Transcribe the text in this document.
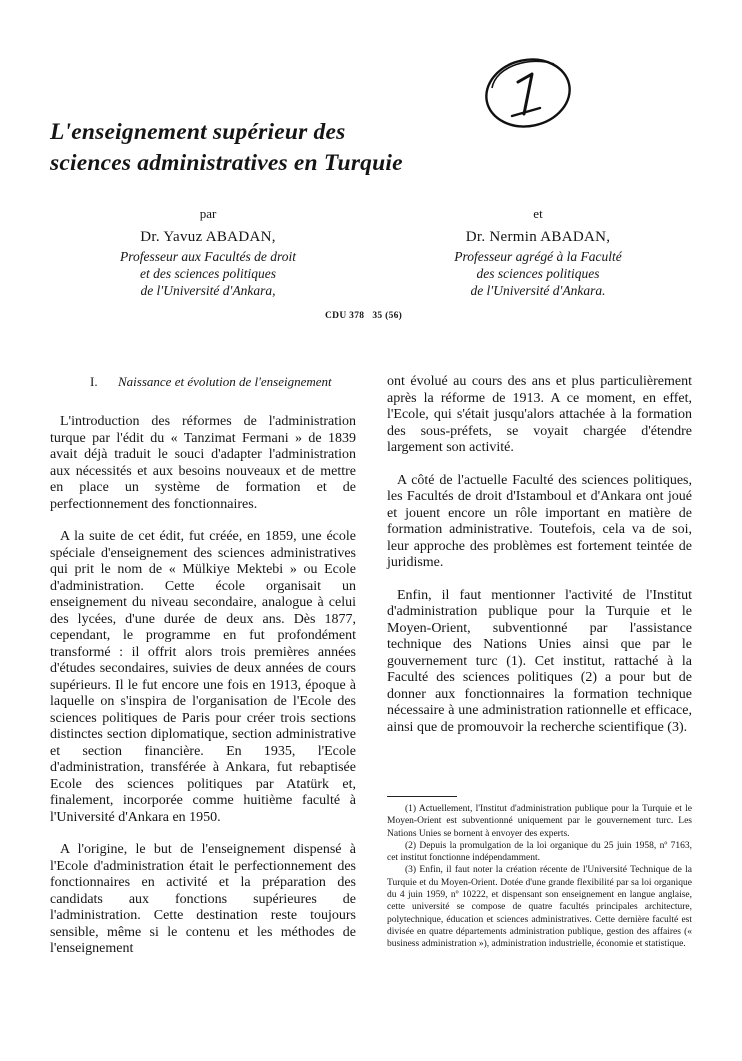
L'enseignement supérieur des
sciences administratives en Turquie
par
Dr. Yavuz ABADAN,
Professeur aux Facultés de droit
et des sciences politiques
de l'Université d'Ankara,
et
Dr. Nermin ABADAN,
Professeur agrégé à la Faculté
des sciences politiques
de l'Université d'Ankara.
CDU 378   35 (56)
I.	Naissance et évolution de l'enseignement

L'introduction des réformes de l'administration turque par l'édit du « Tanzimat Fermani » de 1839 avait déjà traduit le souci d'adapter l'administration aux nécessités et aux besoins nouveaux et de mettre en place un système de formation et de perfectionnement des fonctionnaires.

A la suite de cet édit, fut créée, en 1859, une école spéciale d'enseignement des sciences administratives qui prit le nom de « Mülkiye Mektebi » ou Ecole d'administration. Cette école organisait un enseignement du niveau secondaire, analogue à celui des lycées, d'une durée de deux ans. Dès 1877, cependant, le programme en fut profondément transformé : il offrit alors trois premières années d'études secondaires, suivies de deux années de cours supérieurs. Il le fut encore une fois en 1913, époque à laquelle on s'inspira de l'organisation de l'Ecole des sciences politiques de Paris pour créer trois sections distinctes section diplomatique, section administrative et section financière. En 1935, l'Ecole d'administration, transférée à Ankara, fut rebaptisée Ecole des sciences politiques par Atatürk et, finalement, incorporée comme huitième faculté à l'Université d'Ankara en 1950.

A l'origine, le but de l'enseignement dispensé à l'Ecole d'administration était le perfectionnement des fonctionnaires en activité et la préparation des candidats aux fonctions supérieures de l'administration. Cette destination reste toujours sensible, même si le contenu et les méthodes de l'enseignement

ont évolué au cours des ans et plus particulièrement après la réforme de 1913. A ce moment, en effet, l'Ecole, qui s'était jusqu'alors attachée à la formation des sous-préfets, se voyait chargée d'étendre largement son activité.

A côté de l'actuelle Faculté des sciences politiques, les Facultés de droit d'Istamboul et d'Ankara ont joué et jouent encore un rôle important en matière de formation administrative. Toutefois, cela va de soi, leur approche des problèmes est fortement teintée de juridisme.

Enfin, il faut mentionner l'activité de l'Institut d'administration publique pour la Turquie et le Moyen-Orient, subventionné par l'assistance technique des Nations Unies ainsi que par le gouvernement turc (1). Cet institut, rattaché à la Faculté des sciences politiques (2) a pour but de donner aux fonctionnaires la formation technique nécessaire à une administration rationnelle et efficace, ainsi que de promouvoir la recherche scientifique (3).

(1) Actuellement, l'Institut d'administration publique pour la Turquie et le Moyen-Orient est subventionné uniquement par le gouvernement turc. Les Nations Unies se bornent à envoyer des experts.

(2) Depuis la promulgation de la loi organique du 25 juin 1958, nº 7163, cet institut fonctionne indépendamment.

(3) Enfin, il faut noter la création récente de l'Université Technique de la Turquie et du Moyen-Orient. Dotée d'une grande flexibilité par sa loi organique du 4 juin 1959, nº 10222, et dispensant son enseignement en langue anglaise, cette université se compose de quatre facultés principales architecture, polytechnique, éducation et sciences administratives. Cette dernière faculté est divisée en quatre départements administration publique, gestion des affaires (« business administration »), administration industrielle, économie et statistique.
